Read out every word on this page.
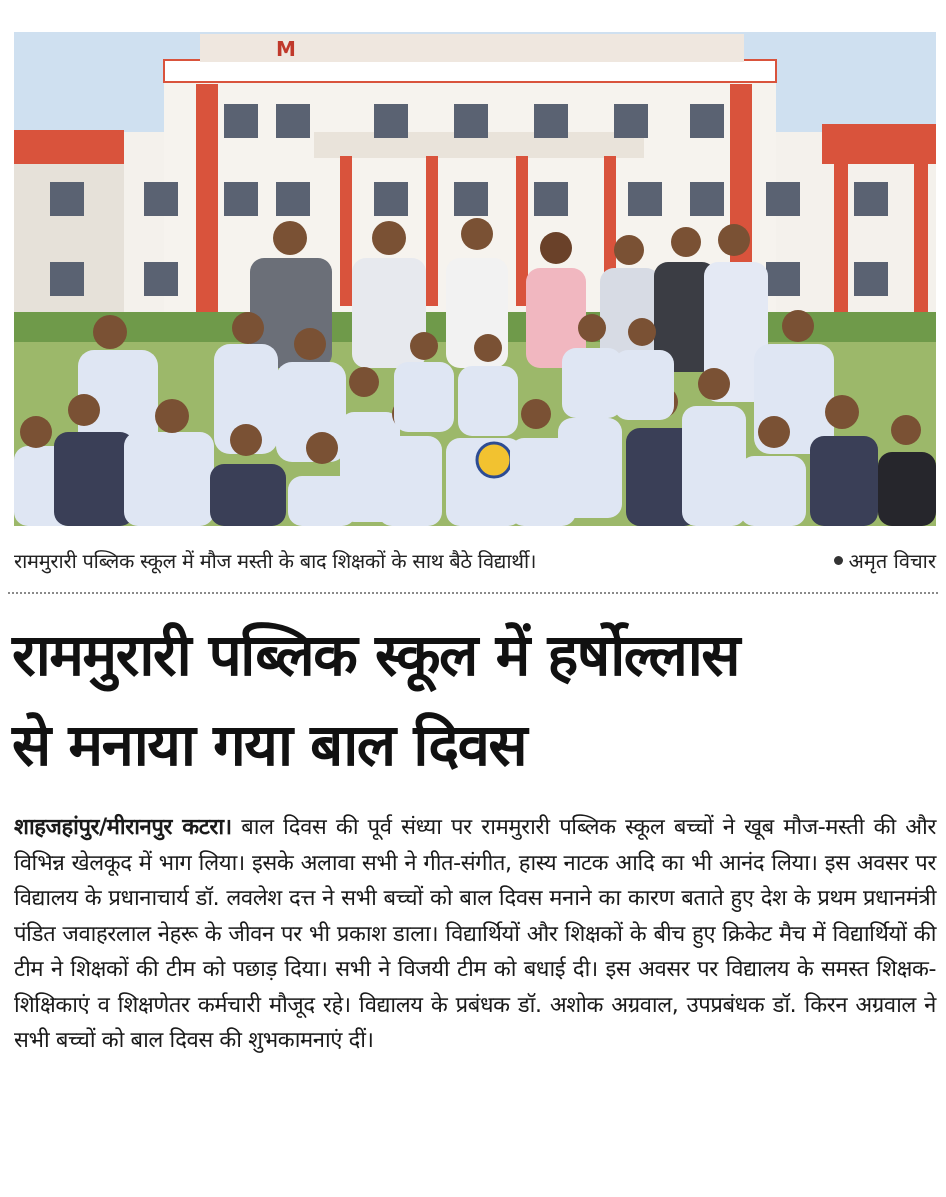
M
राममुरारी पब्लिक स्कूल में मौज मस्ती के बाद शिक्षकों के साथ बैठे विद्यार्थी।	अमृत विचार
राममुरारी पब्लिक स्कूल में हर्षोल्लास
से मनाया गया बाल दिवस
शाहजहांपुर/मीरानपुर कटरा। बाल दिवस की पूर्व संध्या पर राममुरारी पब्लिक स्कूल बच्चों ने खूब मौज-मस्ती की और विभिन्न खेलकूद में भाग लिया। इसके अलावा सभी ने गीत-संगीत, हास्य नाटक आदि का भी आनंद लिया। इस अवसर पर विद्यालय के प्रधानाचार्य डॉ. लवलेश दत्त ने सभी बच्चों को बाल दिवस मनाने का कारण बताते हुए देश के प्रथम प्रधानमंत्री पंडित जवाहरलाल नेहरू के जीवन पर भी प्रकाश डाला। विद्यार्थियों और शिक्षकों के बीच हुए क्रिकेट मैच में विद्यार्थियों की टीम ने शिक्षकों की टीम को पछाड़ दिया। सभी ने विजयी टीम को बधाई दी। इस अवसर पर विद्यालय के समस्त शिक्षक-शिक्षिकाएं व शिक्षणेतर कर्मचारी मौजूद रहे। विद्यालय के प्रबंधक डॉ. अशोक अग्रवाल, उपप्रबंधक डॉ. किरन अग्रवाल ने सभी बच्चों को बाल दिवस की शुभकामनाएं दीं।
